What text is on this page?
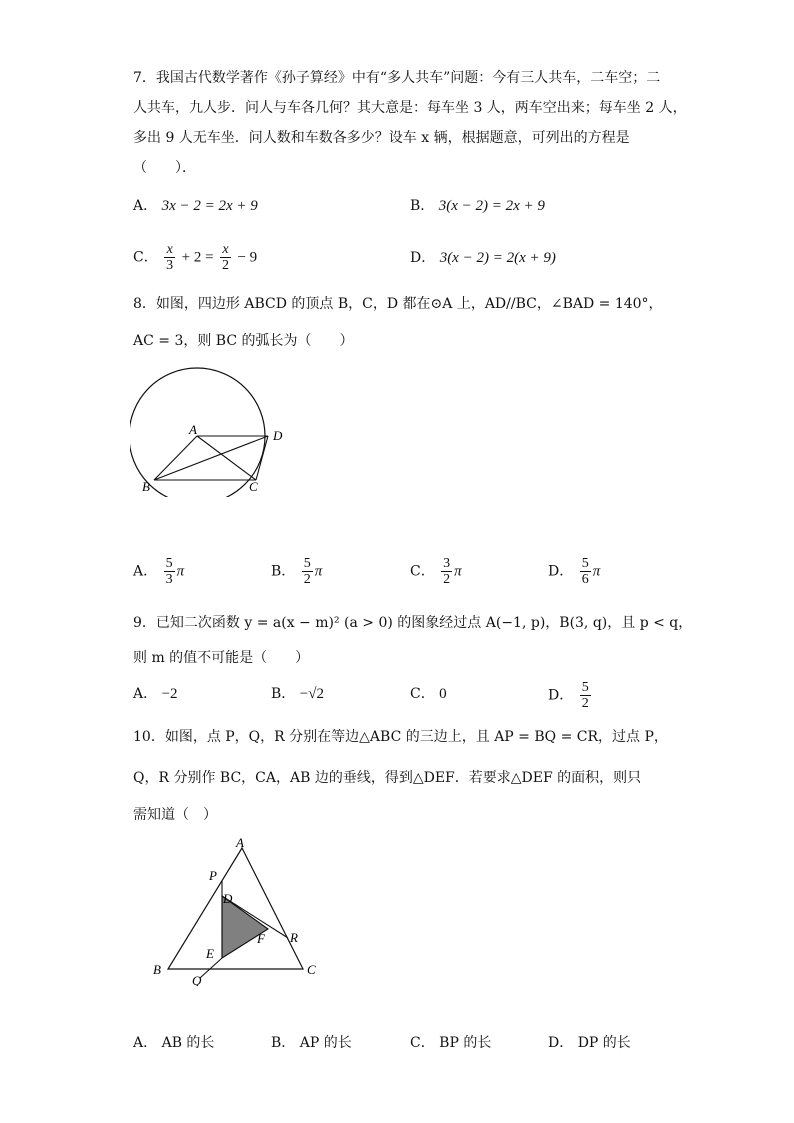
7．我国古代数学著作《孙子算经》中有“多人共车”问题：今有三人共车，二车空；二
人共车，九人步．问人与车各几何？其大意是：每车坐 3 人，两车空出来；每车坐 2 人，
多出 9 人无车坐．问人数和车数各多少？设车 x 辆，根据题意，可列出的方程是
（　　）．
A． 3x − 2 = 2x + 9	B． 3(x − 2) = 2x + 9
C． $\frac{x}{3} + 2 = \frac{x}{2} - 9$	D． 3(x − 2) = 2(x + 9)
8．如图，四边形 ABCD 的顶点 B，C，D 都在⊙A 上，AD//BC，∠BAD = 140°，
AC = 3，则 BC 的弧长为（　　）
A
B	C
D
A． $\frac{5}{3}$ π	B． $\frac{5}{2}$ π	C． $\frac{3}{2}$ π	D． $\frac{5}{6}$ π
9．已知二次函数 y = a(x − m)² (a > 0) 的图象经过点 A(−1, p)，B(3, q)，且 p < q，
则 m 的值不可能是（　　）
A． −2	B． −√2	C． 0	D． $\frac{5}{2}$
10．如图，点 P，Q，R 分别在等边△ABC 的三边上，且 AP = BQ = CR，过点 P，
Q，R 分别作 BC，CA，AB 边的垂线，得到△DEF．若要求△DEF 的面积，则只
需知道（　）
A
B	C
P
Q
R
D
E
F
A． AB 的长	B． AP 的长	C． BP 的长	D． DP 的长
